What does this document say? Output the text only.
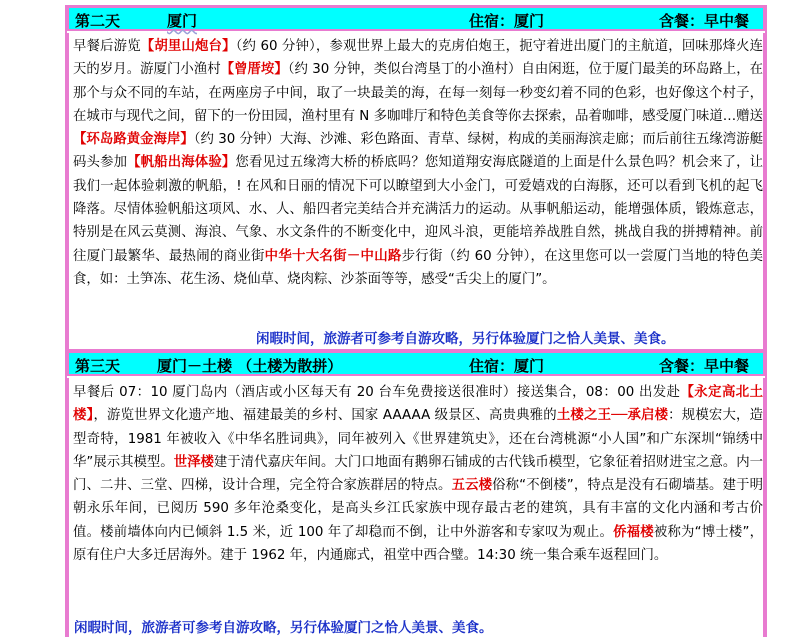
第二天	厦门	住宿：厦门	含餐：早中餐
早餐后游览【胡里山炮台】（约 60 分钟），参观世界上最大的克虏伯炮王，扼守着进出厦门的主航道，回味那烽火连天的岁月。游厦门小渔村【曾厝垵】（约 30 分钟，类似台湾垦丁的小渔村）自由闲逛，位于厦门最美的环岛路上，在那个与众不同的车站，在两座房子中间，取了一块最美的海，在每一刻每一秒变幻着不同的色彩，也好像这个村子，在城市与现代之间，留下的一份田园，渔村里有 N 多咖啡厅和特色美食等你去探索，品着咖啡，感受厦门味道…赠送【环岛路黄金海岸】（约 30 分钟）大海、沙滩、彩色路面、青草、绿树，构成的美丽海滨走廊；而后前往五缘湾游艇码头参加【帆船出海体验】您看见过五缘湾大桥的桥底吗？您知道翔安海底隧道的上面是什么景色吗？机会来了，让我们一起体验刺激的帆船，! 在风和日丽的情况下可以瞭望到大小金门，可爱嬉戏的白海豚，还可以看到飞机的起飞降落。尽情体验帆船这项风、水、人、船四者完美结合并充满活力的运动。从事帆船运动，能增强体质，锻炼意志，特别是在风云莫测、海浪、气象、水文条件的不断变化中，迎风斗浪，更能培养战胜自然，挑战自我的拼搏精神。前往厦门最繁华、最热闹的商业街中华十大名街－中山路步行街（约 60 分钟），在这里您可以一尝厦门当地的特色美食，如：土笋冻、花生汤、烧仙草、烧肉粽、沙茶面等等，感受“舌尖上的厦门”。
闲暇时间，旅游者可参考自游攻略，另行体验厦门之恰人美景、美食。
第三天 厦门－土楼 （土楼为散拼）	住宿：厦门	含餐：早中餐
早餐后 07：10 厦门岛内（酒店或小区每天有 20 台车免费接送很准时）接送集合，08：00 出发赴【永定高北土楼】，游览世界文化遗产地、福建最美的乡村、国家 AAAAA 级景区、高贵典雅的土楼之王──承启楼：规模宏大，造型奇特，1981 年被收入《中华名胜词典》，同年被列入《世界建筑史》，还在台湾桃源“小人国”和广东深圳“锦绣中华”展示其模型。世泽楼建于清代嘉庆年间。大门口地面有鹅卵石铺成的古代钱币模型，它象征着招财进宝之意。内一门、二井、三堂、四梯，设计合理，完全符合家族群居的特点。五云楼俗称“不倒楼”，特点是没有石砌墙基。建于明朝永乐年间，已阅历 590 多年沧桑变化，是高头乡江氏家族中现存最古老的建筑，具有丰富的文化内涵和考古价值。楼前墙体向内已倾斜 1.5 米，近 100 年了却稳而不倒，让中外游客和专家叹为观止。侨福楼被称为“博士楼”，原有住户大多迁居海外。建于 1962 年，内通廊式，祖堂中西合璧。14:30 统一集合乘车返程回门。
闲暇时间，旅游者可参考自游攻略，另行体验厦门之恰人美景、美食。
